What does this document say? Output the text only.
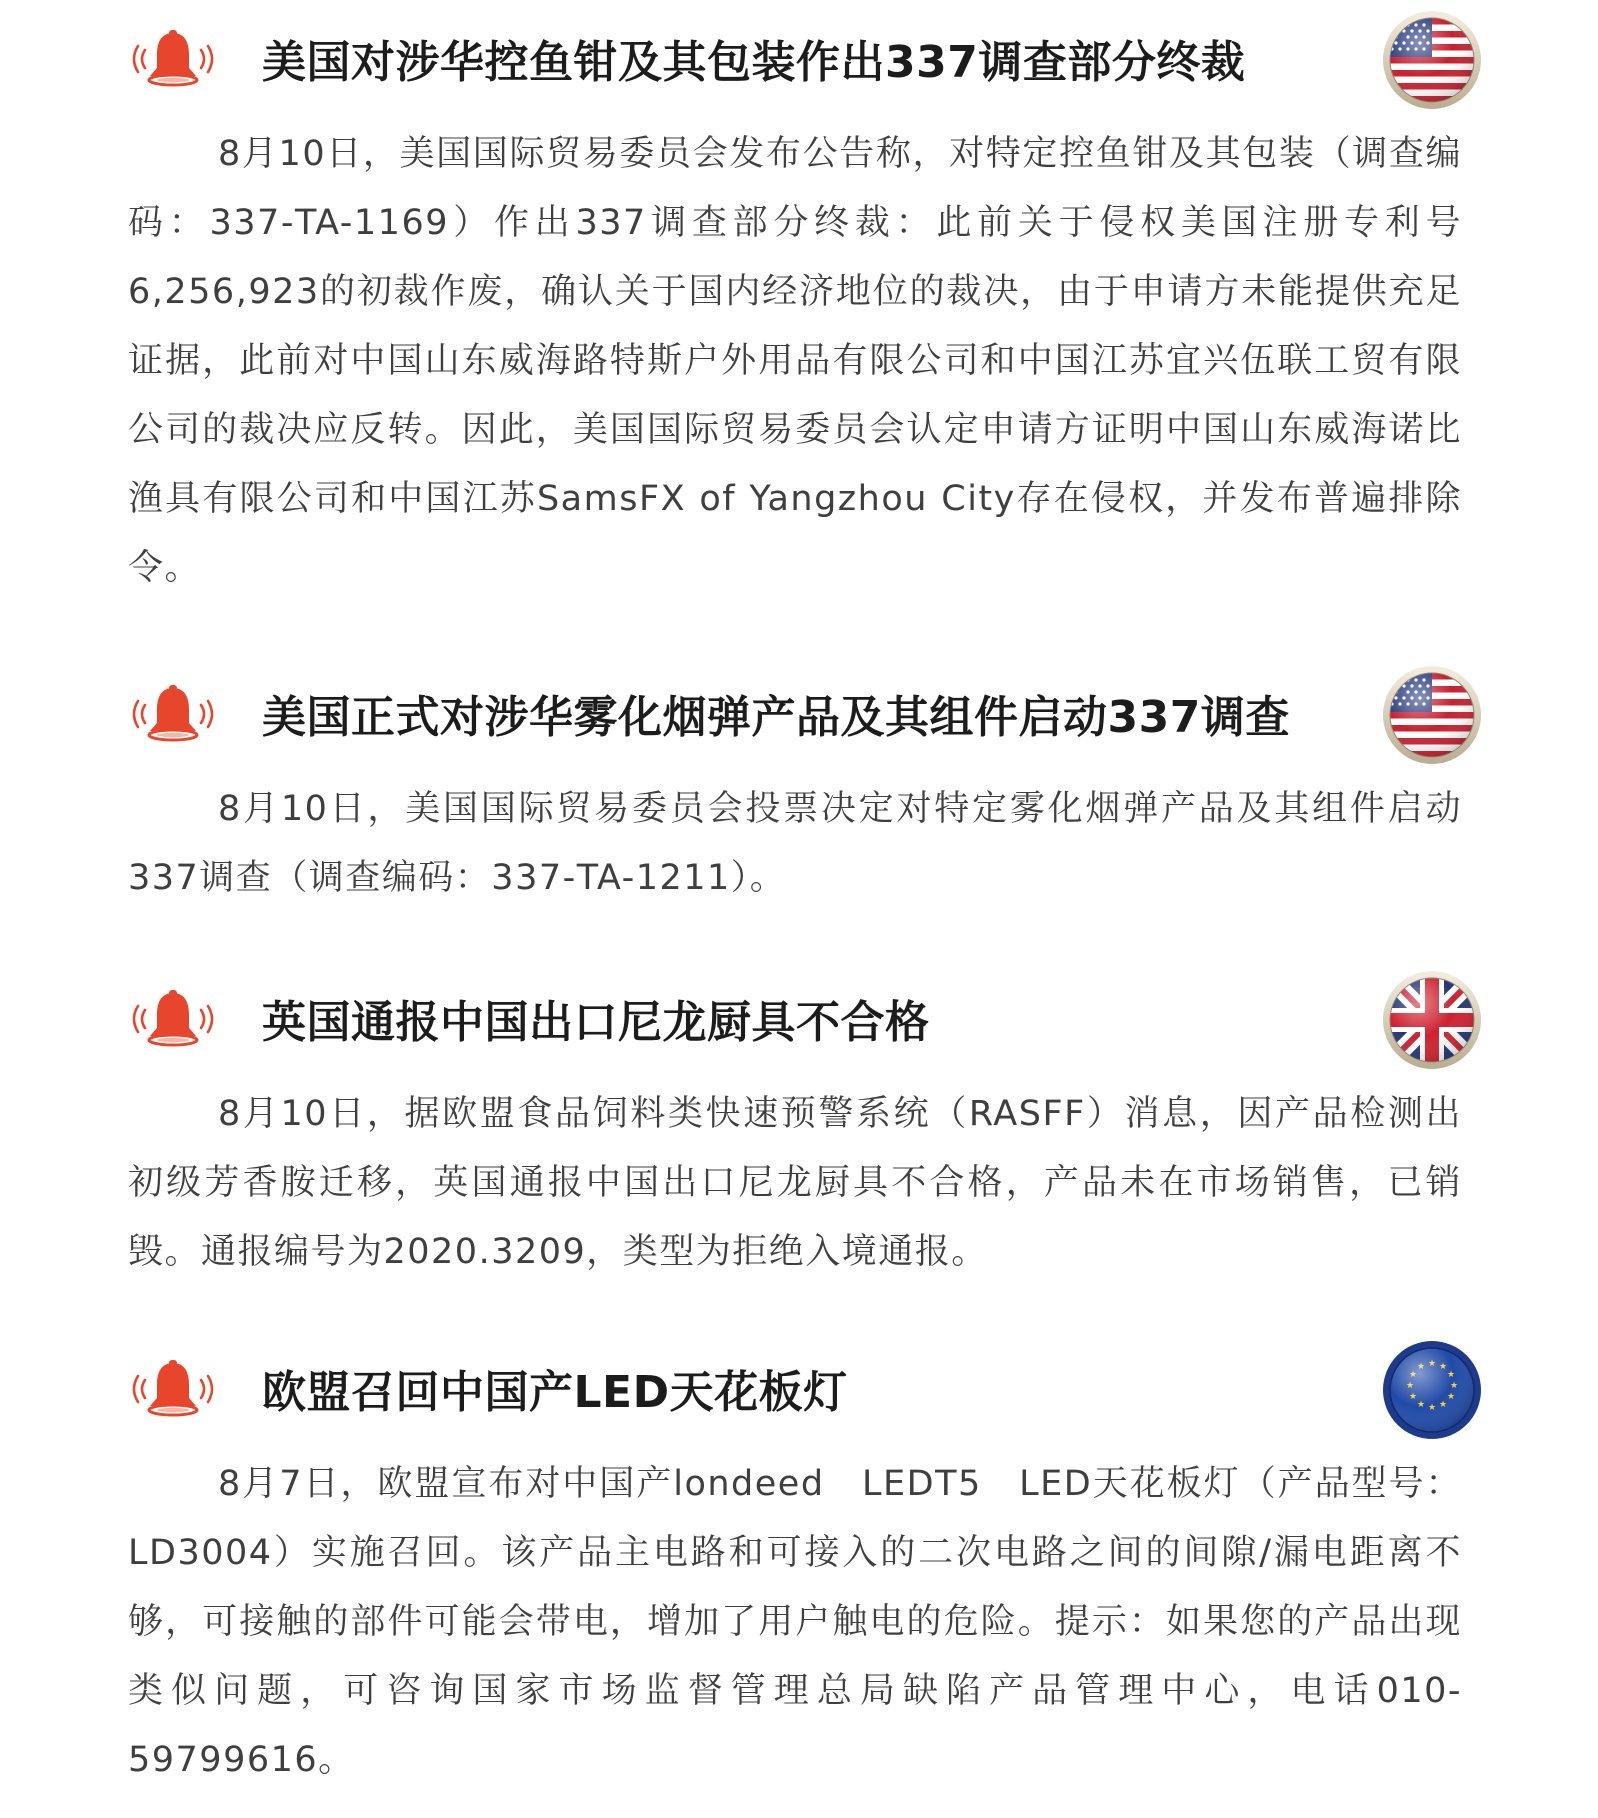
美国对涉华控鱼钳及其包装作出337调查部分终裁

8月10日，美国国际贸易委员会发布公告称，对特定控鱼钳及其包装（调查编码：337-TA-1169）作出337调查部分终裁：此前关于侵权美国注册专利号6,256,923的初裁作废，确认关于国内经济地位的裁决，由于申请方未能提供充足证据，此前对中国山东威海路特斯户外用品有限公司和中国江苏宜兴伍联工贸有限公司的裁决应反转。因此，美国国际贸易委员会认定申请方证明中国山东威海诺比渔具有限公司和中国江苏SamsFX of Yangzhou City存在侵权，并发布普遍排除令。

美国正式对涉华雾化烟弹产品及其组件启动337调查

8月10日，美国国际贸易委员会投票决定对特定雾化烟弹产品及其组件启动337调查（调查编码：337-TA-1211）。

英国通报中国出口尼龙厨具不合格

8月10日，据欧盟食品饲料类快速预警系统（RASFF）消息，因产品检测出初级芳香胺迁移，英国通报中国出口尼龙厨具不合格，产品未在市场销售，已销毁。通报编号为2020.3209，类型为拒绝入境通报。

欧盟召回中国产LED天花板灯

8月7日，欧盟宣布对中国产londeed　LEDT5　LED天花板灯（产品型号：LD3004）实施召回。该产品主电路和可接入的二次电路之间的间隙/漏电距离不够，可接触的部件可能会带电，增加了用户触电的危险。提示：如果您的产品出现类似问题，可咨询国家市场监督管理总局缺陷产品管理中心，电话010-59799616。
